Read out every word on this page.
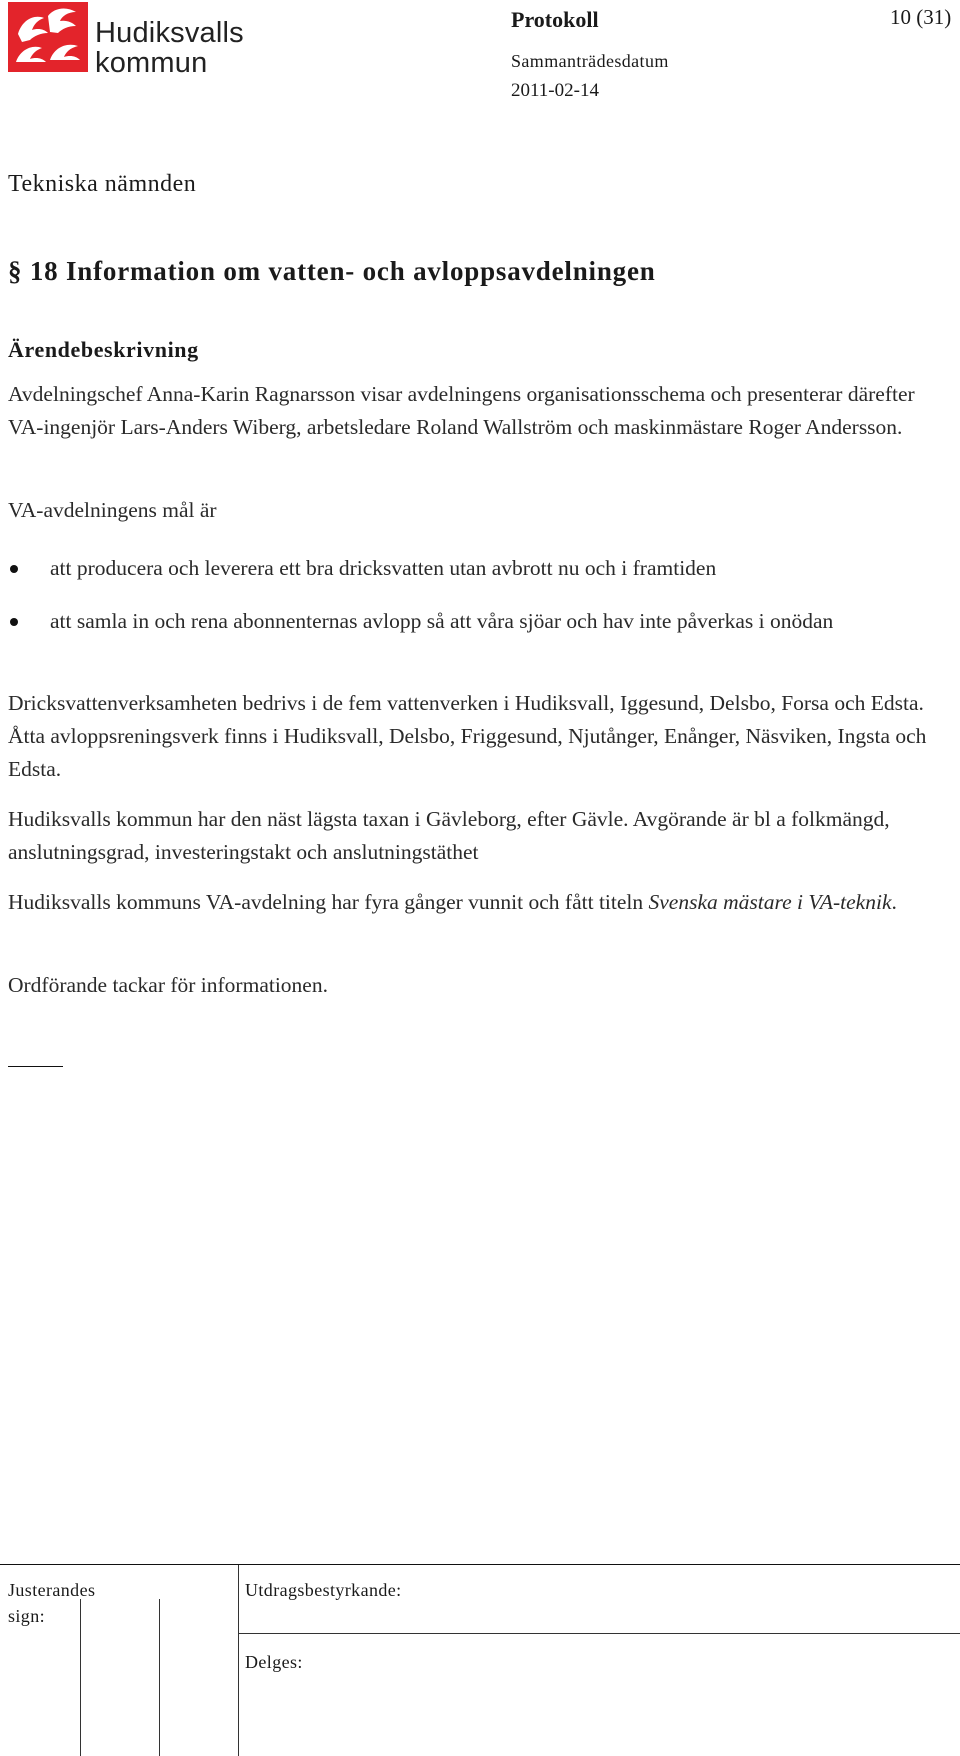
Hudiksvalls
kommun
Protokoll	10 (31)
Sammanträdesdatum
2011-02-14
Tekniska nämnden
§ 18 Information om vatten- och avloppsavdelningen
Ärendebeskrivning
Avdelningschef Anna-Karin Ragnarsson visar avdelningens organisationsschema och presenterar därefter VA-ingenjör Lars-Anders Wiberg, arbetsledare Roland Wallström och maskinmästare Roger Andersson.
VA-avdelningens mål är
att producera och leverera ett bra dricksvatten utan avbrott nu och i framtiden
att samla in och rena abonnenternas avlopp så att våra sjöar och hav inte påverkas i onödan
Dricksvattenverksamheten bedrivs i de fem vattenverken i Hudiksvall, Iggesund, Delsbo, Forsa och Edsta. Åtta avloppsreningsverk finns i Hudiksvall, Delsbo, Friggesund, Njutånger, Enånger, Näsviken, Ingsta och Edsta.
Hudiksvalls kommun har den näst lägsta taxan i Gävleborg, efter Gävle. Avgörande är bl a folkmängd, anslutningsgrad, investeringstakt och anslutningstäthet
Hudiksvalls kommuns VA-avdelning har fyra gånger vunnit och fått titeln Svenska mästare i VA-teknik.
Ordförande tackar för informationen.
Justerandes sign:
Utdragsbestyrkande:
Delges:
